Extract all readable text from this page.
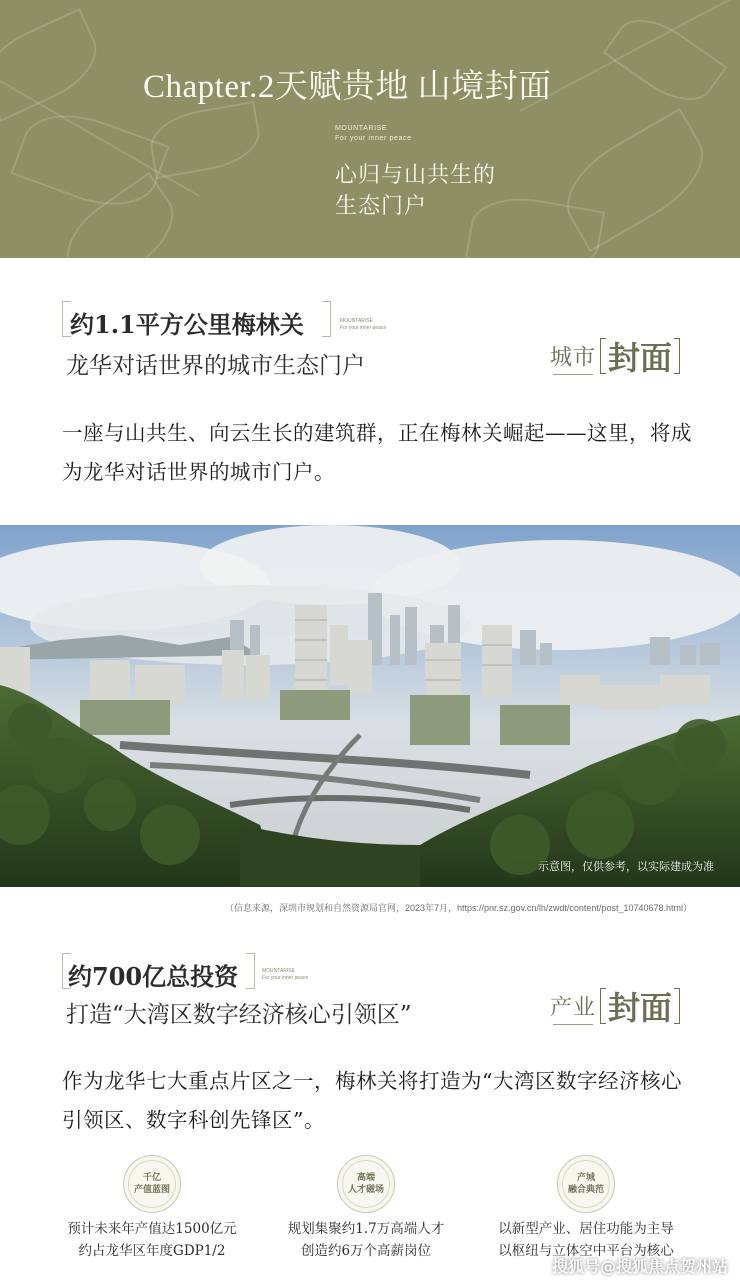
Chapter.2天赋贵地 山境封面
MOUNTARISE
For your inner peace
心归与山共生的
生态门户
约1.1平方公里梅林关	MOUNTARISE
For your inner peace
龙华对话世界的城市生态门户	城市 封面
一座与山共生、向云生长的建筑群，正在梅林关崛起——这里，将成为龙华对话世界的城市门户。
示意图，仅供参考，以实际建成为准
（信息来源，深圳市规划和自然资源局官网，2023年7月，https://pnr.sz.gov.cn/lh/zwdt/content/post_10740678.html）
约700亿总投资	MOUNTARISE
For your inner peace
打造“大湾区数字经济核心引领区”	产业 封面
作为龙华七大重点片区之一，梅林关将打造为“大湾区数字经济核心引领区、数字科创先锋区”。
千亿
产值蓝图
预计未来年产值达1500亿元
约占龙华区年度GDP1/2
高端
人才磁场
规划集聚约1.7万高端人才
创造约6万个高薪岗位
产城
融合典范
以新型产业、居住功能为主导
以枢纽与立体空中平台为核心
搜狐号@搜狐焦点贺州站
